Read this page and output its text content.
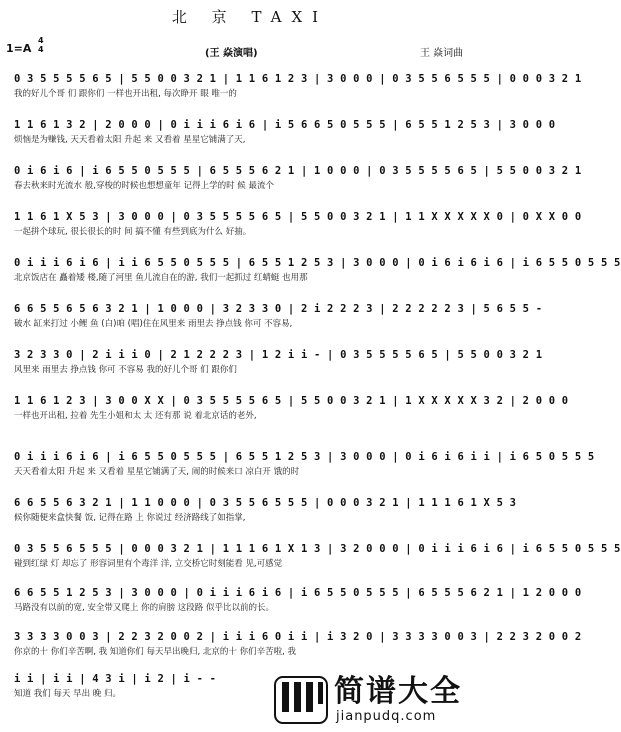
北 京 TAXI
1=A
4
4	(王 焱演唱)	王 焱词曲
0 3 5 5 5 5 6 5 | 5 5 0 0 3 2 1 | 1 1 6 1 2 3 | 3 0 0 0 | 0 3 5 5 6 5 5 5 | 0 0 0 3 2 1
我的好儿个哥 们 跟你们 一样也开出租, 每次睁开 眼 唯一的
1 1 6 1 3 2 | 2 0 0 0 | 0 i i i 6 i 6 | i 5 6 6 5 0 5 5 5 | 6 5 5 1 2 5 3 | 3 0 0 0
烦恼是为赚钱, 天天看着太阳 升起 来 又看着 星星它铺满了天,
0 i 6 i 6 | i 6 5 5 0 5 5 5 | 6 5 5 5 6 2 1 | 1 0 0 0 | 0 3 5 5 5 5 6 5 | 5 5 0 0 3 2 1
春去秋来时光流水 般,穿梭的时候也想想童年 记得上学的时 候 最流个
1 1 6 1 X 5 3 | 3 0 0 0 | 0 3 5 5 5 5 6 5 | 5 5 0 0 3 2 1 | 1 1 X X X X X 0 | 0 X X 0 0
一起拼个球玩, 很长很长的时 间 搞不懂 有些到底为什么 好抽。
0 i i i 6 i 6 | i i 6 5 5 0 5 5 5 | 6 5 5 1 2 5 3 | 3 0 0 0 | 0 i 6 i 6 i 6 | i 6 5 5 0 5 5 5
北京饭店在 矗着矮 楼,随了河里 鱼儿流自在的游, 我们一起抓过 红蜻蜓 也用那
6 6 5 5 6 5 6 3 2 1 | 1 0 0 0 | 3 2 3 3 0 | 2 i 2 2 2 3 | 2 2 2 2 2 3 | 5 6 5 5 -
破水 缸来打过 小鲤 鱼 (白)咱 (唱)住在风里来 雨里去 挣点钱 你可 不容易,
3 2 3 3 0 | 2 i i i 0 | 2 1 2 2 2 3 | 1 2 i i - | 0 3 5 5 5 5 6 5 | 5 5 0 0 3 2 1
风里来 雨里去 挣点钱 你可 不容易 我的好儿个哥 们 跟你们
1 1 6 1 2 3 | 3 0 0 X X | 0 3 5 5 5 5 6 5 | 5 5 0 0 3 2 1 | 1 X X X X X 3 2 | 2 0 0 0
一样也开出租, 拉着 先生小姐和太 太 还有那 说 着北京话的老外,
0 i i i 6 i 6 | i 6 5 5 0 5 5 5 | 6 5 5 1 2 5 3 | 3 0 0 0 | 0 i 6 i 6 i i | i 6 5 0 5 5 5
天天看着太阳 升起 来 又看着 星星它铺满了天, 闹的时候来口 凉白开 饿的时
6 6 5 5 6 3 2 1 | 1 1 0 0 0 | 0 3 5 5 6 5 5 5 | 0 0 0 3 2 1 | 1 1 1 6 1 X 5 3
候你随便来盒快餐 饭, 记得在路 上 你说过 经济路线了如指掌,
0 3 5 5 6 5 5 5 | 0 0 0 3 2 1 | 1 1 1 6 1 X 1 3 | 3 2 0 0 0 | 0 i i i 6 i 6 | i 6 5 5 0 5 5 5
碰到红绿 灯 却忘了 形容词里有个毒洋 洋, 立交桥它时刻能看 见,可感觉
6 6 5 5 1 2 5 3 | 3 0 0 0 | 0 i i i 6 i 6 | i 6 5 5 0 5 5 5 | 6 5 5 5 6 2 1 | 1 2 0 0 0
马路没有以前的宽, 安全带又爬上 你的肩膀 这段路 似乎比以前的长。
3 3 3 3 0 0 3 | 2 2 3 2 0 0 2 | i i i 6 0 i i | i 3 2 0 | 3 3 3 3 0 0 3 | 2 2 3 2 0 0 2
你京的十 你们辛苦啊, 我 知道你们 每天早出晚归, 北京的十 你们辛苦啦, 我
i i | i i | 4 3 i | i 2 | i - -
知道 我们 每天 早出 晚 归。	简谱大全
jianpudq.com
